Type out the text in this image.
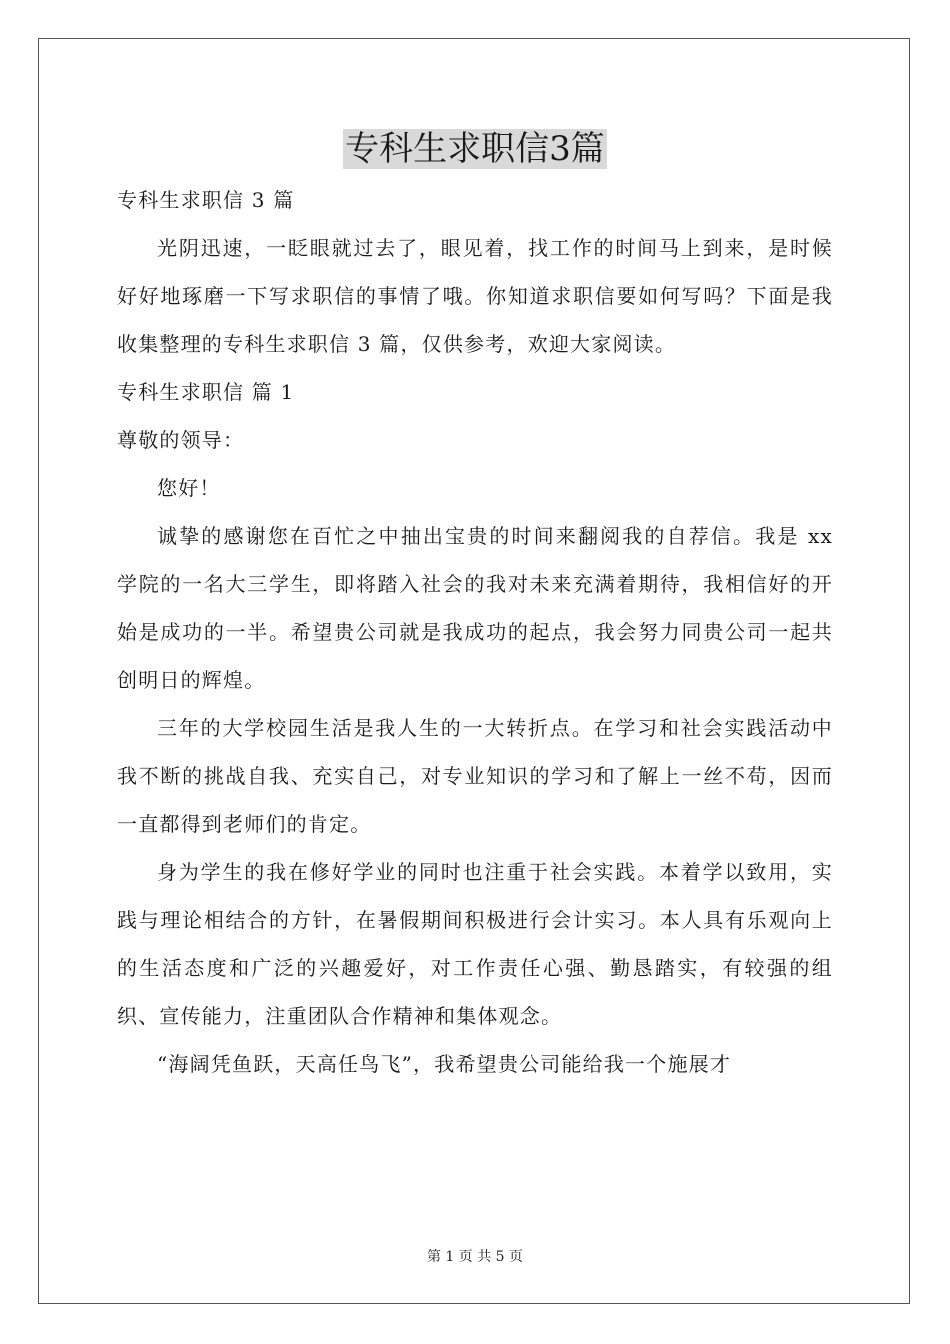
专科生求职信3篇

专科生求职信 3 篇

光阴迅速，一眨眼就过去了，眼见着，找工作的时间马上到来，是时候好好地琢磨一下写求职信的事情了哦。你知道求职信要如何写吗？下面是我收集整理的专科生求职信 3 篇，仅供参考，欢迎大家阅读。

专科生求职信 篇 1

尊敬的领导：

您好！

诚挚的感谢您在百忙之中抽出宝贵的时间来翻阅我的自荐信。我是 xx 学院的一名大三学生，即将踏入社会的我对未来充满着期待，我相信好的开始是成功的一半。希望贵公司就是我成功的起点，我会努力同贵公司一起共创明日的辉煌。

三年的大学校园生活是我人生的一大转折点。在学习和社会实践活动中我不断的挑战自我、充实自己，对专业知识的学习和了解上一丝不苟，因而一直都得到老师们的肯定。

身为学生的我在修好学业的同时也注重于社会实践。本着学以致用，实践与理论相结合的方针，在暑假期间积极进行会计实习。本人具有乐观向上的生活态度和广泛的兴趣爱好，对工作责任心强、勤恳踏实，有较强的组织、宣传能力，注重团队合作精神和集体观念。

“海阔凭鱼跃，天高任鸟飞”，我希望贵公司能给我一个施展才

第 1 页 共 5 页
